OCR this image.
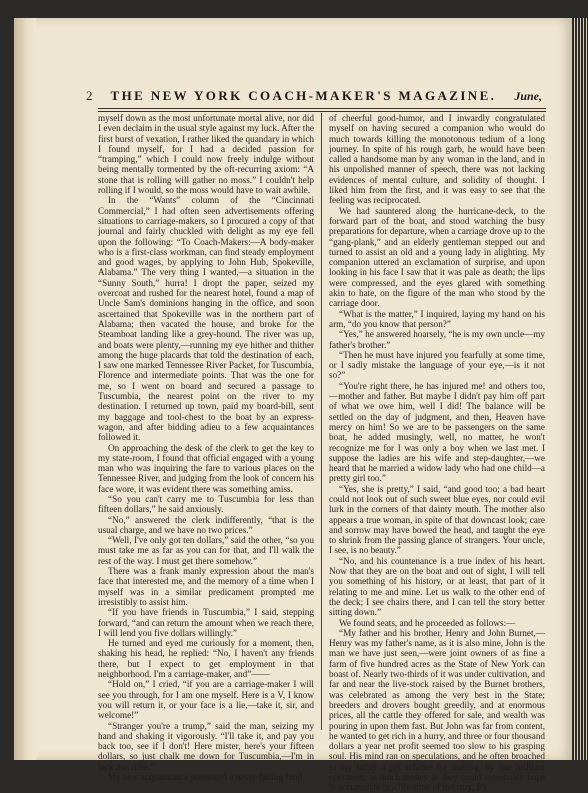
2 THE NEW YORK COACH-MAKER'S MAGAZINE. June,

myself down as the most unfortunate mortal alive, nor did I even declaim in the usual style against my luck. After the first burst of vexation, I rather liked the quandary in which I found myself, for I had a decided passion for “tramping,” which I could now freely indulge without being mentally tormented by the oft-recurring axiom: “A stone that is rolling will gather no moss.” I couldn't help rolling if I would, so the moss would have to wait awhile.

In the “Wants” column of the “Cincinnati Commercial,” I had often seen advertisements offering situations to carriage-makers, so I procured a copy of that journal and fairly chuckled with delight as my eye fell upon the following: “To Coach-Makers:—A body-maker who is a first-class workman, can find steady employment and good wages, by applying to John Hub, Spokeville, Alabama.” The very thing I wanted,—a situation in the “Sunny South,” hurra! I dropt the paper, seized my overcoat and rushed for the nearest hotel, found a map of Uncle Sam's dominions hanging in the office, and soon ascertained that Spokeville was in the northern part of Alabama; then vacated the house, and broke for the Steamboat landing like a grey-hound. The river was up, and boats were plenty,—running my eye hither and thither among the huge placards that told the destination of each, I saw one marked Tennessee River Packet, for Tuscumbia, Florence and intermediate points. That was the one for me, so I went on board and secured a passage to Tuscumbia, the nearest point on the river to my destination. I returned up town, paid my board-bill, sent my baggage and tool-chest to the boat by an express-wagon, and after bidding adieu to a few acquaintances followed it.

On approaching the desk of the clerk to get the key to my state-room, I found that official engaged with a young man who was inquiring the fare to various places on the Tennessee River, and judging from the look of concern his face wore, it was evident there was something amiss.

“So you can't carry me to Tuscumbia for less than fifteen dollars,” he said anxiously.

“No,” answered the clerk indifferently, “that is the usual charge, and we have no two prices.”

“Well, I've only got ten dollars,” said the other, “so you must take me as far as you can for that, and I'll walk the rest of the way. I must get there somehow.”

There was a frank manly expression about the man's face that interested me, and the memory of a time when I myself was in a similar predicament prompted me irresistibly to assist him.

“If you have friends in Tuscumbia,” I said, stepping forward, “and can return the amount when we reach there, I will lend you five dollars willingly.”

He turned and eyed me curiously for a moment, then, shaking his head, he replied: “No, I haven't any friends there, but I expect to get employment in that neighborhood. I'm a carriage-maker, and”——

“Hold on,” I cried, “if you are a carriage-maker I will see you through, for I am one myself. Here is a V, I know you will return it, or your face is a lie,—take it, sir, and welcome!”

“Stranger you're a trump,” said the man, seizing my hand and shaking it vigorously. “I'll take it, and pay you back too, see if I don't! Here mister, here's your fifteen dollars, so just chalk me down for Tuscumbia,—I'm in luck this time.”

My new acquaintance possessed a never-failing fund

of cheerful good-humor, and I inwardly congratulated myself on having secured a companion who would do much towards killing the monotonous tedium of a long journey. In spite of his rough garb, he would have been called a handsome man by any woman in the land, and in his unpolished manner of speech, there was not lacking evidences of mental culture, and solidity of thought. I liked him from the first, and it was easy to see that the feeling was reciprocated.

We had sauntered along the hurricane-deck, to the forward part of the boat, and stood watching the busy preparations for departure, when a carriage drove up to the “gang-plank,” and an elderly gentleman stepped out and turned to assist an old and a young lady in alighting. My companion uttered an exclamation of surprise, and upon looking in his face I saw that it was pale as death; the lips were compressed, and the eyes glared with something akin to hate, on the figure of the man who stood by the carriage door.

“What is the matter,” I inquired, laying my hand on his arm, “do you know that person?”

“Yes,” he answered hoarsely, “he is my own uncle—my father's brother.”

“Then he must have injured you fearfully at some time, or I sadly mistake the language of your eye,—is it not so?”

“You're right there, he has injured me! and others too,—mother and father. But maybe I didn't pay him off part of what we owe him, well I did! The balance will be settled on the day of judgment, and then, Heaven have mercy on him! So we are to be passengers on the same boat, he added musingly, well, no matter, he won't recognize me for I was only a boy when we last met. I suppose the ladies are his wife and step-daughter,—we heard that he married a widow lady who had one child—a pretty girl too.”

“Yes, she is pretty,” I said, “and good too; a bad heart could not look out of such sweet blue eyes, nor could evil lurk in the corners of that dainty mouth. The mother also appears a true woman, in spite of that downcast look; care and sorrow may have bowed the head, and taught the eye to shrink from the passing glance of strangers. Your uncle, I see, is no beauty.”

“No, and his countenance is a true index of his heart. Now that they are on the boat and out of sight, I will tell you something of his history, or at least, that part of it relating to me and mine. Let us walk to the other end of the deck; I see chairs there, and I can tell the story better sitting down.”

We found seats, and he proceeded as follows:—

“My father and his brother, Henry and John Burnet,—Henry was my father's name, as it is also mine, John is the man we have just seen,—were joint owners of as fine a farm of five hundred acres as the State of New York can boast of. Nearly two-thirds of it was under cultivation, and far and near the live-stock raised by the Burnet brothers, was celebrated as among the very best in the State; breeders and drovers bought greedily, and at enormous prices, all the cattle they offered for sale, and wealth was pouring in upon them fast. But John was far from content, he wanted to get rich in a hurry, and three or four thousand dollars a year net profit seemed too slow to his grasping soul. His mind ran on speculations, and he often broached to my father a pet scheme for making, by one brilliant operation, as much money as they could reasonably hope to accumulate in a life-time of industry. By
